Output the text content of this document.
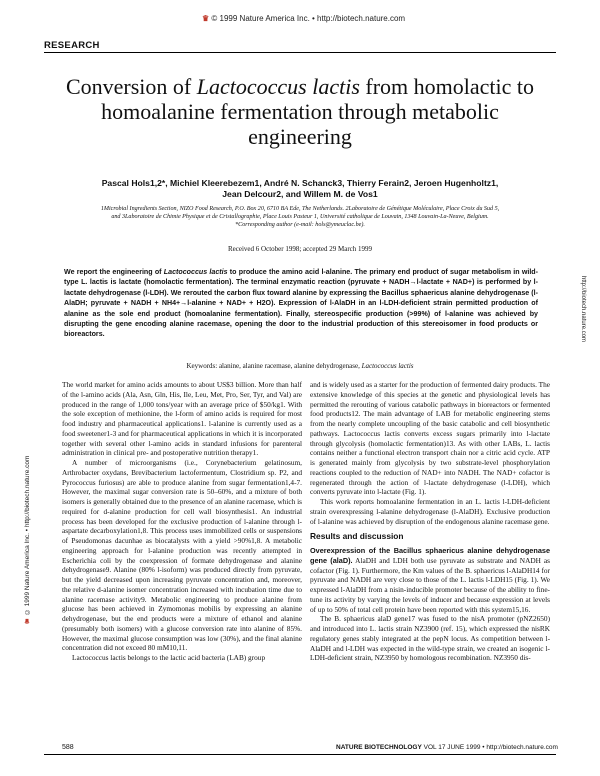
♛ © 1999 Nature America Inc. • http://biotech.nature.com
RESEARCH
Conversion of Lactococcus lactis from homolactic to homoalanine fermentation through metabolic engineering
Pascal Hols1,2*, Michiel Kleerebezem1, André N. Schanck3, Thierry Ferain2, Jeroen Hugenholtz1,
Jean Delcour2, and Willem M. de Vos1
1Microbial Ingredients Section, NIZO Food Research, P.O. Box 20, 6710 BA Ede, The Netherlands. 2Laboratoire de Génétique Moléculaire, Place Croix du Sud 5,
and 3Laboratoire de Chimie Physique et de Cristallographie, Place Louis Pasteur 1, Université catholique de Louvain, 1348 Louvain-La-Neuve, Belgium.
*Corresponding author (e-mail: hols@ymeuclac.be).
Received 6 October 1998; accepted 29 March 1999
We report the engineering of Lactococcus lactis to produce the amino acid l-alanine. The primary end product of sugar metabolism in wild-type L. lactis is lactate (homolactic fermentation). The terminal enzymatic reaction (pyruvate + NADH→l-lactate + NAD+) is performed by l-lactate dehydrogenase (l-LDH). We rerouted the carbon flux toward alanine by expressing the Bacillus sphaericus alanine dehydrogenase (l-AlaDH; pyruvate + NADH + NH4+→l-alanine + NAD+ + H2O). Expression of l-AlaDH in an l-LDH-deficient strain permitted production of alanine as the sole end product (homoalanine fermentation). Finally, stereospecific production (>99%) of l-alanine was achieved by disrupting the gene encoding alanine racemase, opening the door to the industrial production of this stereoisomer in food products or bioreactors.
Keywords: alanine, alanine racemase, alanine dehydrogenase, Lactococcus lactis
♛ © 1999 Nature America Inc. • http://biotech.nature.com
http://biotech.nature.com

The world market for amino acids amounts to about US$3 billion. More than half of the l-amino acids (Ala, Asn, Gln, His, Ile, Leu, Met, Pro, Ser, Tyr, and Val) are produced in the range of 1,000 tons/year with an average price of $50/kg1. With the sole exception of methionine, the l-form of amino acids is required for most food industry and pharmaceutical applications1. l-alanine is currently used as a food sweetener1-3 and for pharmaceutical applications in which it is incorporated together with several other l-amino acids in standard infusions for parenteral administration in clinical pre- and postoperative nutrition therapy1.

A number of microorganisms (i.e., Corynebacterium gelatinosum, Arthrobacter oxydans, Brevibacterium lactofermentum, Clostridium sp. P2, and Pyrococcus furiosus) are able to produce alanine from sugar fermentation1,4-7. However, the maximal sugar conversion rate is 50–60%, and a mixture of both isomers is generally obtained due to the presence of an alanine racemase, which is required for d-alanine production for cell wall biosynthesis1. An industrial process has been developed for the exclusive production of l-alanine through l-aspartate decarboxylation1,8. This process uses immobilized cells or suspensions of Pseudomonas dacunhae as biocatalysts with a yield >90%1,8. A metabolic engineering approach for l-alanine production was recently attempted in Escherichia coli by the coexpression of formate dehydrogenase and alanine dehydrogenase9. Alanine (80% l-isoform) was produced directly from pyruvate, but the yield decreased upon increasing pyruvate concentration and, moreover, the relative d-alanine isomer concentration increased with incubation time due to alanine racemase activity9. Metabolic engineering to produce alanine from glucose has been achieved in Zymomonas mobilis by expressing an alanine dehydrogenase, but the end products were a mixture of ethanol and alanine (presumably both isomers) with a glucose conversion rate into alanine of 85%. However, the maximal glucose consumption was low (30%), and the final alanine concentration did not exceed 80 mM10,11.

Lactococcus lactis belongs to the lactic acid bacteria (LAB) group

and is widely used as a starter for the production of fermented dairy products. The extensive knowledge of this species at the genetic and physiological levels has permitted the rerouting of various catabolic pathways in bioreactors or fermented food products12. The main advantage of LAB for metabolic engineering stems from the nearly complete uncoupling of the basic catabolic and cell biosynthetic pathways. Lactococcus lactis converts excess sugars primarily into l-lactate through glycolysis (homolactic fermentation)13. As with other LABs, L. lactis contains neither a functional electron transport chain nor a citric acid cycle. ATP is generated mainly from glycolysis by two substrate-level phosphorylation reactions coupled to the reduction of NAD+ into NADH. The NAD+ cofactor is regenerated through the action of l-lactate dehydrogenase (l-LDH), which converts pyruvate into l-lactate (Fig. 1).

This work reports homoalanine fermentation in an L. lactis l-LDH-deficient strain overexpressing l-alanine dehydrogenase (l-AlaDH). Exclusive production of l-alanine was achieved by disruption of the endogenous alanine racemase gene.

Results and discussion

Overexpression of the Bacillus sphaericus alanine dehydrogenase gene (alaD). AlaDH and LDH both use pyruvate as substrate and NADH as cofactor (Fig. 1). Furthermore, the Km values of the B. sphaericus l-AlaDH14 for pyruvate and NADH are very close to those of the L. lactis l-LDH15 (Fig. 1). We expressed l-AlaDH from a nisin-inducible promoter because of the ability to fine-tune its activity by varying the levels of inducer and because expression at levels of up to 50% of total cell protein have been reported with this system15,16.

The B. sphaericus alaD gene17 was fused to the nisA promoter (pNZ2650) and introduced into L. lactis strain NZ3900 (ref. 15), which expressed the nisRK regulatory genes stably integrated at the pepN locus. As competition between l-AlaDH and l-LDH was expected in the wild-type strain, we created an isogenic l-LDH-deficient strain, NZ3950 by homologous recombination. NZ3950 dis-

588	NATURE BIOTECHNOLOGY VOL 17 JUNE 1999 • http://biotech.nature.com
